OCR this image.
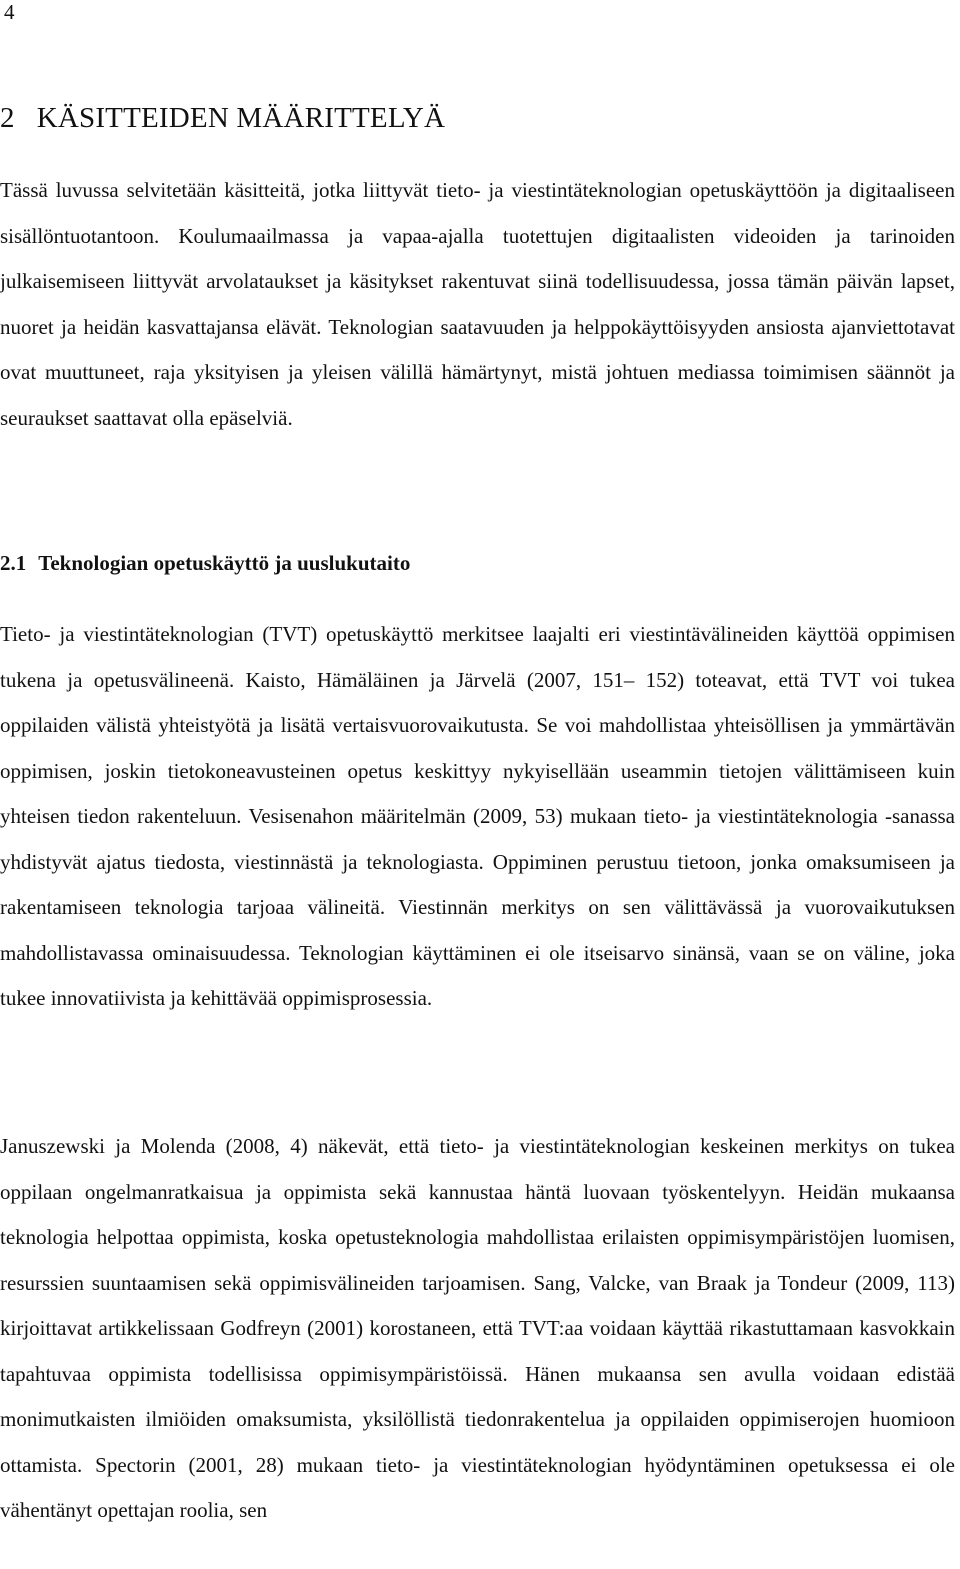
4
2 KÄSITTEIDEN MÄÄRITTELYÄ

Tässä luvussa selvitetään käsitteitä, jotka liittyvät tieto- ja viestintäteknologian opetuskäyttöön ja digitaaliseen sisällöntuotantoon. Koulumaailmassa ja vapaa-ajalla tuotettujen digitaalisten videoiden ja tarinoiden julkaisemiseen liittyvät arvolataukset ja käsitykset rakentuvat siinä todellisuudessa, jossa tämän päivän lapset, nuoret ja heidän kasvattajansa elävät. Teknologian saatavuuden ja helppokäyttöisyyden ansiosta ajanviettotavat ovat muuttuneet, raja yksityisen ja yleisen välillä hämärtynyt, mistä johtuen mediassa toimimisen säännöt ja seuraukset saattavat olla epäselviä.

2.1 Teknologian opetuskäyttö ja uuslukutaito

Tieto- ja viestintäteknologian (TVT) opetuskäyttö merkitsee laajalti eri viestintävälineiden käyttöä oppimisen tukena ja opetusvälineenä. Kaisto, Hämäläinen ja Järvelä (2007, 151– 152) toteavat, että TVT voi tukea oppilaiden välistä yhteistyötä ja lisätä vertaisvuorovaikutusta. Se voi mahdollistaa yhteisöllisen ja ymmärtävän oppimisen, joskin tietokoneavusteinen opetus keskittyy nykyisellään useammin tietojen välittämiseen kuin yhteisen tiedon rakenteluun. Vesisenahon määritelmän (2009, 53) mukaan tieto- ja viestintäteknologia -sanassa yhdistyvät ajatus tiedosta, viestinnästä ja teknologiasta. Oppiminen perustuu tietoon, jonka omaksumiseen ja rakentamiseen teknologia tarjoaa välineitä. Viestinnän merkitys on sen välittävässä ja vuorovaikutuksen mahdollistavassa ominaisuudessa. Teknologian käyttäminen ei ole itseisarvo sinänsä, vaan se on väline, joka tukee innovatiivista ja kehittävää oppimisprosessia.

Januszewski ja Molenda (2008, 4) näkevät, että tieto- ja viestintäteknologian keskeinen merkitys on tukea oppilaan ongelmanratkaisua ja oppimista sekä kannustaa häntä luovaan työskentelyyn. Heidän mukaansa teknologia helpottaa oppimista, koska opetusteknologia mahdollistaa erilaisten oppimisympäristöjen luomisen, resurssien suuntaamisen sekä oppimisvälineiden tarjoamisen. Sang, Valcke, van Braak ja Tondeur (2009, 113) kirjoittavat artikkelissaan Godfreyn (2001) korostaneen, että TVT:aa voidaan käyttää rikastuttamaan kasvokkain tapahtuvaa oppimista todellisissa oppimisympäristöissä. Hänen mukaansa sen avulla voidaan edistää monimutkaisten ilmiöiden omaksumista, yksilöllistä tiedonrakentelua ja oppilaiden oppimiserojen huomioon ottamista. Spectorin (2001, 28) mukaan tieto- ja viestintäteknologian hyödyntäminen opetuksessa ei ole vähentänyt opettajan roolia, sen
